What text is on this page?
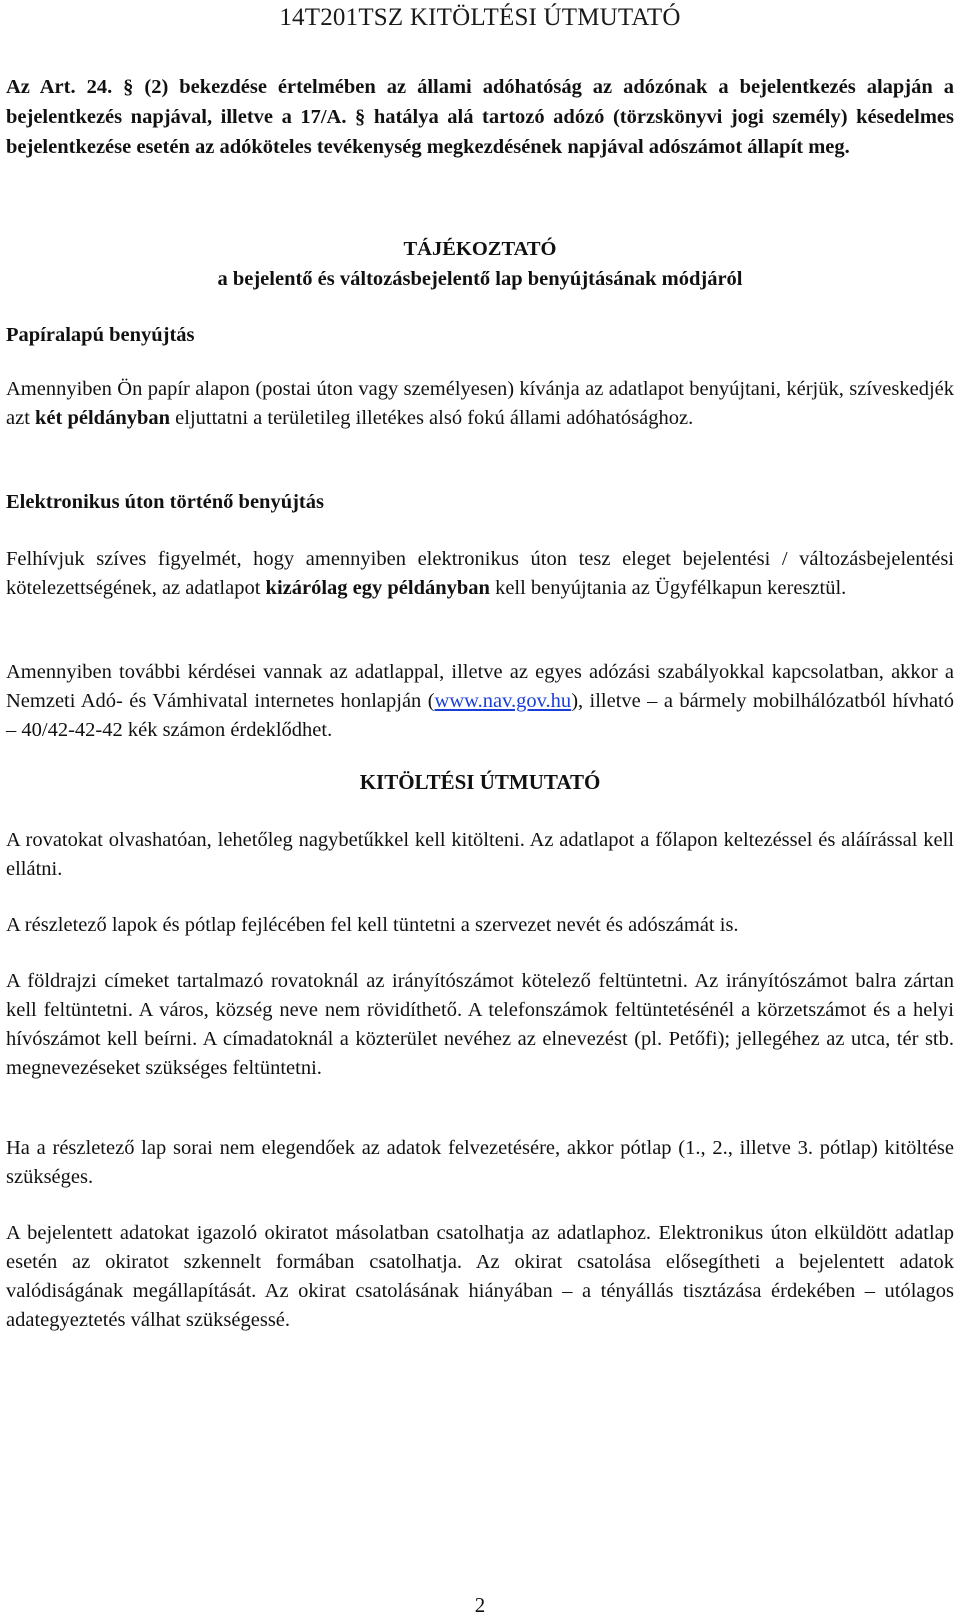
14T201TSZ KITÖLTÉSI ÚTMUTATÓ
Az Art. 24. § (2) bekezdése értelmében az állami adóhatóság az adózónak a bejelentkezés alapján a bejelentkezés napjával, illetve a 17/A. § hatálya alá tartozó adózó (törzskönyvi jogi személy) késedelmes bejelentkezése esetén az adóköteles tevékenység megkezdésének napjával adószámot állapít meg.
TÁJÉKOZTATÓ
a bejelentő és változásbejelentő lap benyújtásának módjáról
Papíralapú benyújtás
Amennyiben Ön papír alapon (postai úton vagy személyesen) kívánja az adatlapot benyújtani, kérjük, szíveskedjék azt két példányban eljuttatni a területileg illetékes alsó fokú állami adóhatósághoz.
Elektronikus úton történő benyújtás
Felhívjuk szíves figyelmét, hogy amennyiben elektronikus úton tesz eleget bejelentési / változásbejelentési kötelezettségének, az adatlapot kizárólag egy példányban kell benyújtania az Ügyfélkapun keresztül.
Amennyiben további kérdései vannak az adatlappal, illetve az egyes adózási szabályokkal kapcsolatban, akkor a Nemzeti Adó- és Vámhivatal internetes honlapján (www.nav.gov.hu), illetve – a bármely mobilhálózatból hívható – 40/42-42-42 kék számon érdeklődhet.
KITÖLTÉSI ÚTMUTATÓ
A rovatokat olvashatóan, lehetőleg nagybetűkkel kell kitölteni. Az adatlapot a főlapon keltezéssel és aláírással kell ellátni.
A részletező lapok és pótlap fejlécében fel kell tüntetni a szervezet nevét és adószámát is.
A földrajzi címeket tartalmazó rovatoknál az irányítószámot kötelező feltüntetni. Az irányítószámot balra zártan kell feltüntetni. A város, község neve nem rövidíthető. A telefonszámok feltüntetésénél a körzetszámot és a helyi hívószámot kell beírni. A címadatoknál a közterület nevéhez az elnevezést (pl. Petőfi); jellegéhez az utca, tér stb. megnevezéseket szükséges feltüntetni.
Ha a részletező lap sorai nem elegendőek az adatok felvezetésére, akkor pótlap (1., 2., illetve 3. pótlap) kitöltése szükséges.
A bejelentett adatokat igazoló okiratot másolatban csatolhatja az adatlaphoz. Elektronikus úton elküldött adatlap esetén az okiratot szkennelt formában csatolhatja. Az okirat csatolása elősegítheti a bejelentett adatok valódiságának megállapítását. Az okirat csatolásának hiányában – a tényállás tisztázása érdekében – utólagos adategyeztetés válhat szükségessé.
2
